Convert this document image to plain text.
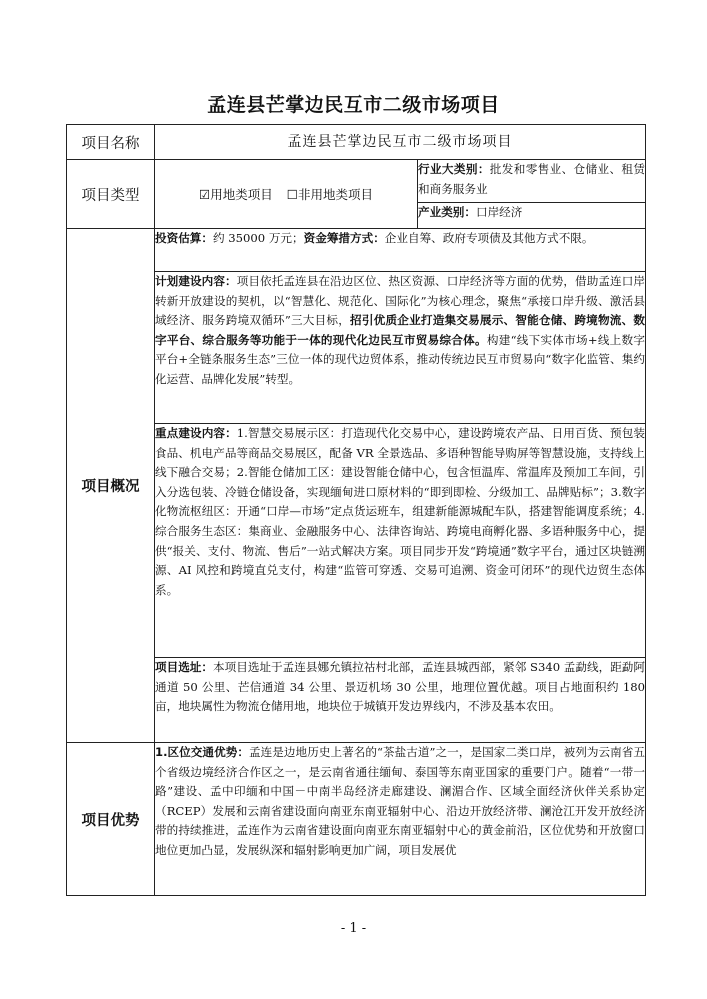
孟连县芒掌边民互市二级市场项目
项目名称	孟连县芒掌边民互市二级市场项目	
项目类型	☑用地类项目 ☐非用地类项目	行业大类别：批发和零售业、仓储业、租赁和商务服务业
		产业类别：口岸经济
项目概况	投资估算：约 35000 万元；资金筹措方式：企业自筹、政府专项债及其他方式不限。	
	计划建设内容：项目依托孟连县在沿边区位、热区资源、口岸经济等方面的优势，借助孟连口岸转新开放建设的契机，以“智慧化、规范化、国际化”为核心理念，聚焦“承接口岸升级、激活县域经济、服务跨境双循环”三大目标，招引优质企业打造集交易展示、智能仓储、跨境物流、数字平台、综合服务等功能于一体的现代化边民互市贸易综合体。构建“线下实体市场+线上数字平台+全链条服务生态”三位一体的现代边贸体系，推动传统边民互市贸易向“数字化监管、集约化运营、品牌化发展”转型。	
	重点建设内容：1.智慧交易展示区：打造现代化交易中心，建设跨境农产品、日用百货、预包装食品、机电产品等商品交易展区，配备 VR 全景选品、多语种智能导购屏等智慧设施，支持线上线下融合交易；2.智能仓储加工区：建设智能仓储中心，包含恒温库、常温库及预加工车间，引入分选包装、冷链仓储设备，实现缅甸进口原材料的“即到即检、分级加工、品牌贴标”；3.数字化物流枢纽区：开通“口岸—市场”定点货运班车，组建新能源城配车队，搭建智能调度系统；4.综合服务生态区：集商业、金融服务中心、法律咨询站、跨境电商孵化器、多语种服务中心，提供“报关、支付、物流、售后”一站式解决方案。项目同步开发“跨境通”数字平台，通过区块链溯源、AI 风控和跨境直兑支付，构建“监管可穿透、交易可追溯、资金可闭环”的现代边贸生态体系。	
	项目选址：本项目选址于孟连县娜允镇拉祜村北部，孟连县城西部，紧邻 S340 孟勐线，距勐阿通道 50 公里、芒信通道 34 公里、景迈机场 30 公里，地理位置优越。项目占地面积约 180 亩，地块属性为物流仓储用地，地块位于城镇开发边界线内，不涉及基本农田。	
项目优势	1.区位交通优势：孟连是边地历史上著名的“茶盐古道”之一，是国家二类口岸，被列为云南省五个省级边境经济合作区之一，是云南省通往缅甸、泰国等东南亚国家的重要门户。随着“一带一路”建设、孟中印缅和中国－中南半岛经济走廊建设、澜湄合作、区域全面经济伙伴关系协定（RCEP）发展和云南省建设面向南亚东南亚辐射中心、沿边开放经济带、澜沧江开发开放经济带的持续推进，孟连作为云南省建设面向南亚东南亚辐射中心的黄金前沿，区位优势和开放窗口地位更加凸显，发展纵深和辐射影响更加广阔，项目发展优	
- 1 -
